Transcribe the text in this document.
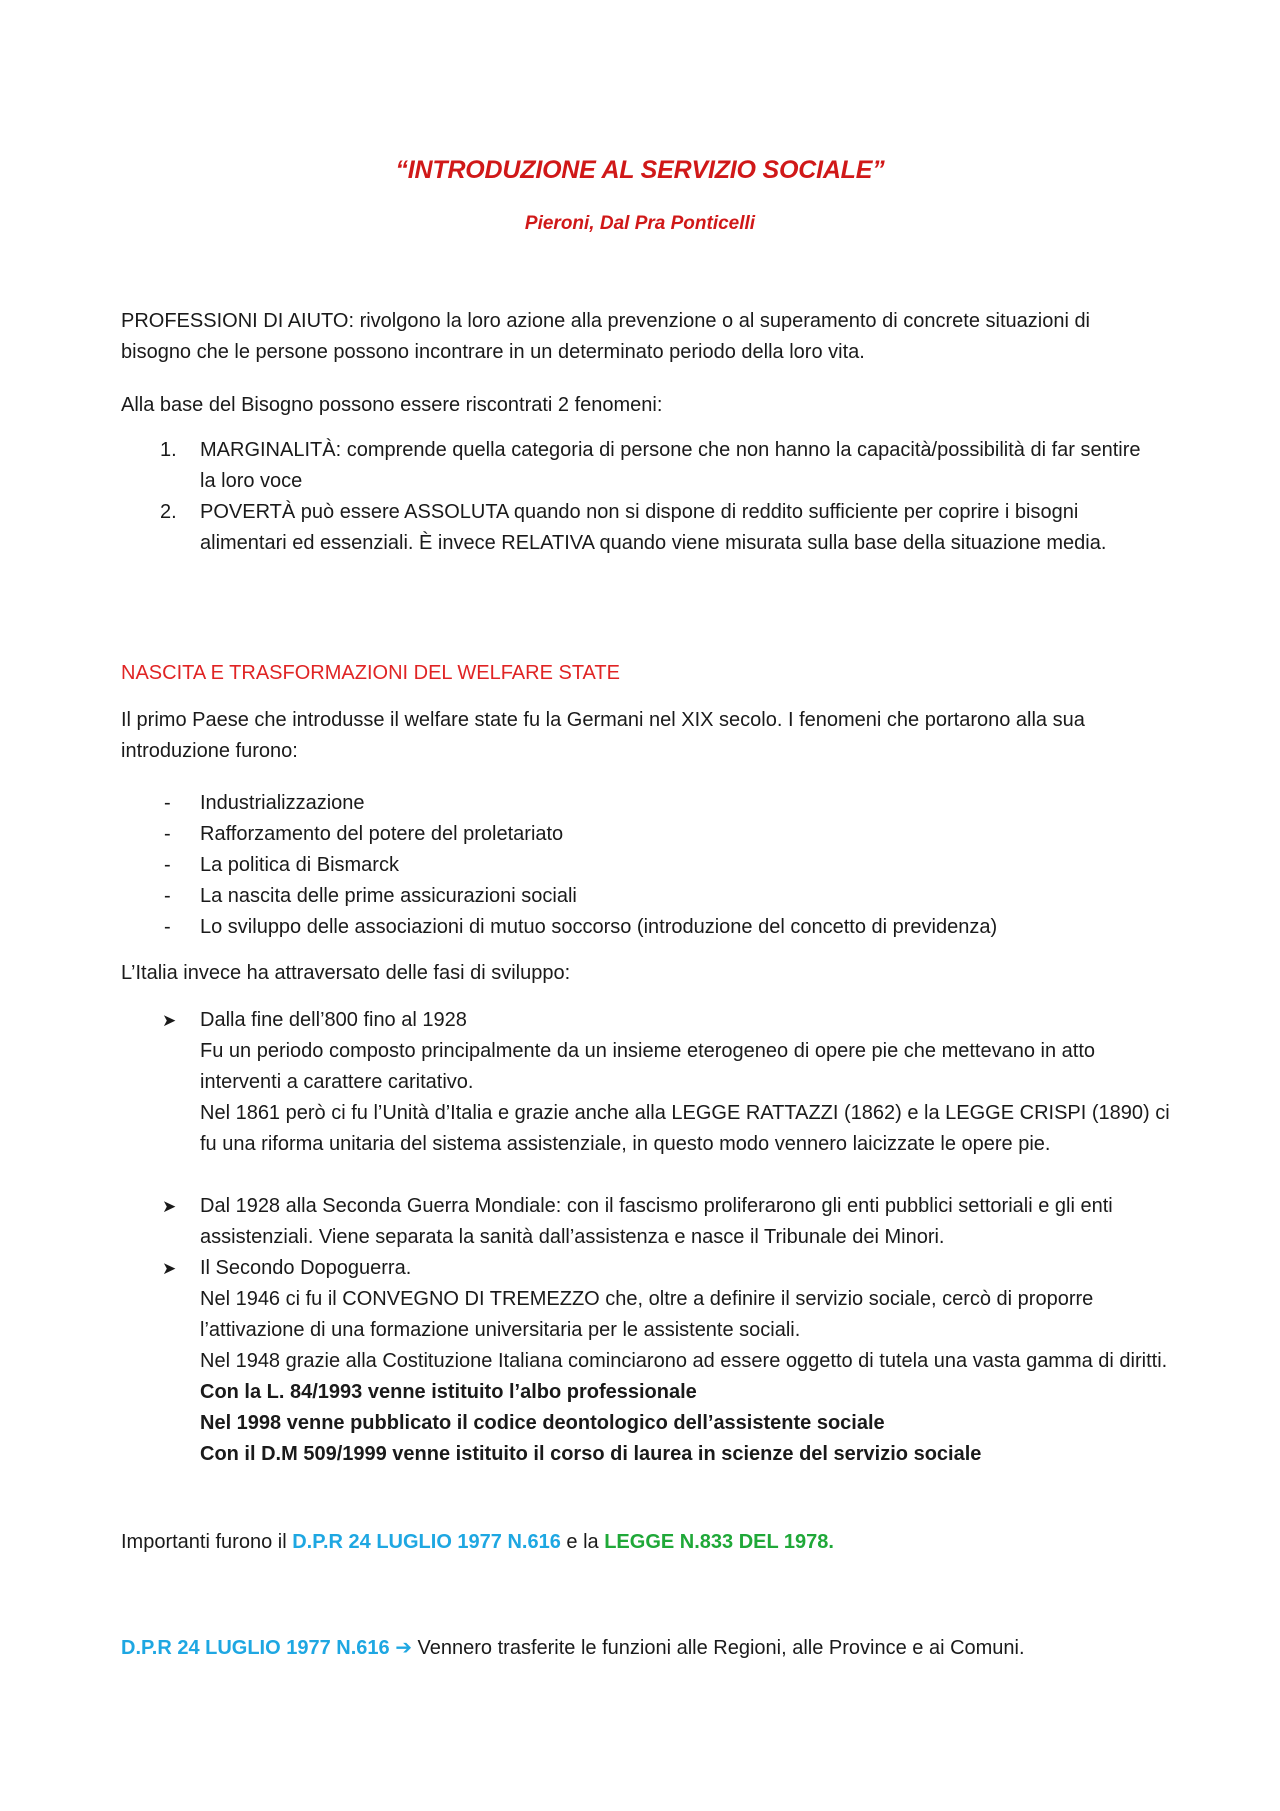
“INTRODUZIONE AL SERVIZIO SOCIALE”
Pieroni, Dal Pra Ponticelli

PROFESSIONI DI AIUTO: rivolgono la loro azione alla prevenzione o al superamento di concrete situazioni di bisogno che le persone possono incontrare in un determinato periodo della loro vita.

Alla base del Bisogno possono essere riscontrati 2 fenomeni:

1.	MARGINALITÀ: comprende quella categoria di persone che non hanno la capacità/possibilità di far sentire la loro voce
2.	POVERTÀ può essere ASSOLUTA quando non si dispone di reddito sufficiente per coprire i bisogni alimentari ed essenziali. È invece RELATIVA quando viene misurata sulla base della situazione media.
NASCITA E TRASFORMAZIONI DEL WELFARE STATE

Il primo Paese che introdusse il welfare state fu la Germani nel XIX secolo. I fenomeni che portarono alla sua introduzione furono:

-	Industrializzazione
-	Rafforzamento del potere del proletariato
-	La politica di Bismarck
-	La nascita delle prime assicurazioni sociali
-	Lo sviluppo delle associazioni di mutuo soccorso (introduzione del concetto di previdenza)

L’Italia invece ha attraversato delle fasi di sviluppo:

➤	Dalla fine dell’800 fino al 1928
Fu un periodo composto principalmente da un insieme eterogeneo di opere pie che mettevano in atto interventi a carattere caritativo.
Nel 1861 però ci fu l’Unità d’Italia e grazie anche alla LEGGE RATTAZZI (1862) e la LEGGE CRISPI (1890) ci fu una riforma unitaria del sistema assistenziale, in questo modo vennero laicizzate le opere pie.
➤	Dal 1928 alla Seconda Guerra Mondiale: con il fascismo proliferarono gli enti pubblici settoriali e gli enti assistenziali. Viene separata la sanità dall’assistenza e nasce il Tribunale dei Minori.
➤	Il Secondo Dopoguerra.
Nel 1946 ci fu il CONVEGNO DI TREMEZZO che, oltre a definire il servizio sociale, cercò di proporre l’attivazione di una formazione universitaria per le assistente sociali.
Nel 1948 grazie alla Costituzione Italiana cominciarono ad essere oggetto di tutela una vasta gamma di diritti.
Con la L. 84/1993 venne istituito l’albo professionale
Nel 1998 venne pubblicato il codice deontologico dell’assistente sociale
Con il D.M 509/1999 venne istituito il corso di laurea in scienze del servizio sociale

Importanti furono il D.P.R 24 LUGLIO 1977 N.616 e la LEGGE N.833 DEL 1978.

D.P.R 24 LUGLIO 1977 N.616 ➔ Vennero trasferite le funzioni alle Regioni, alle Province e ai Comuni.
